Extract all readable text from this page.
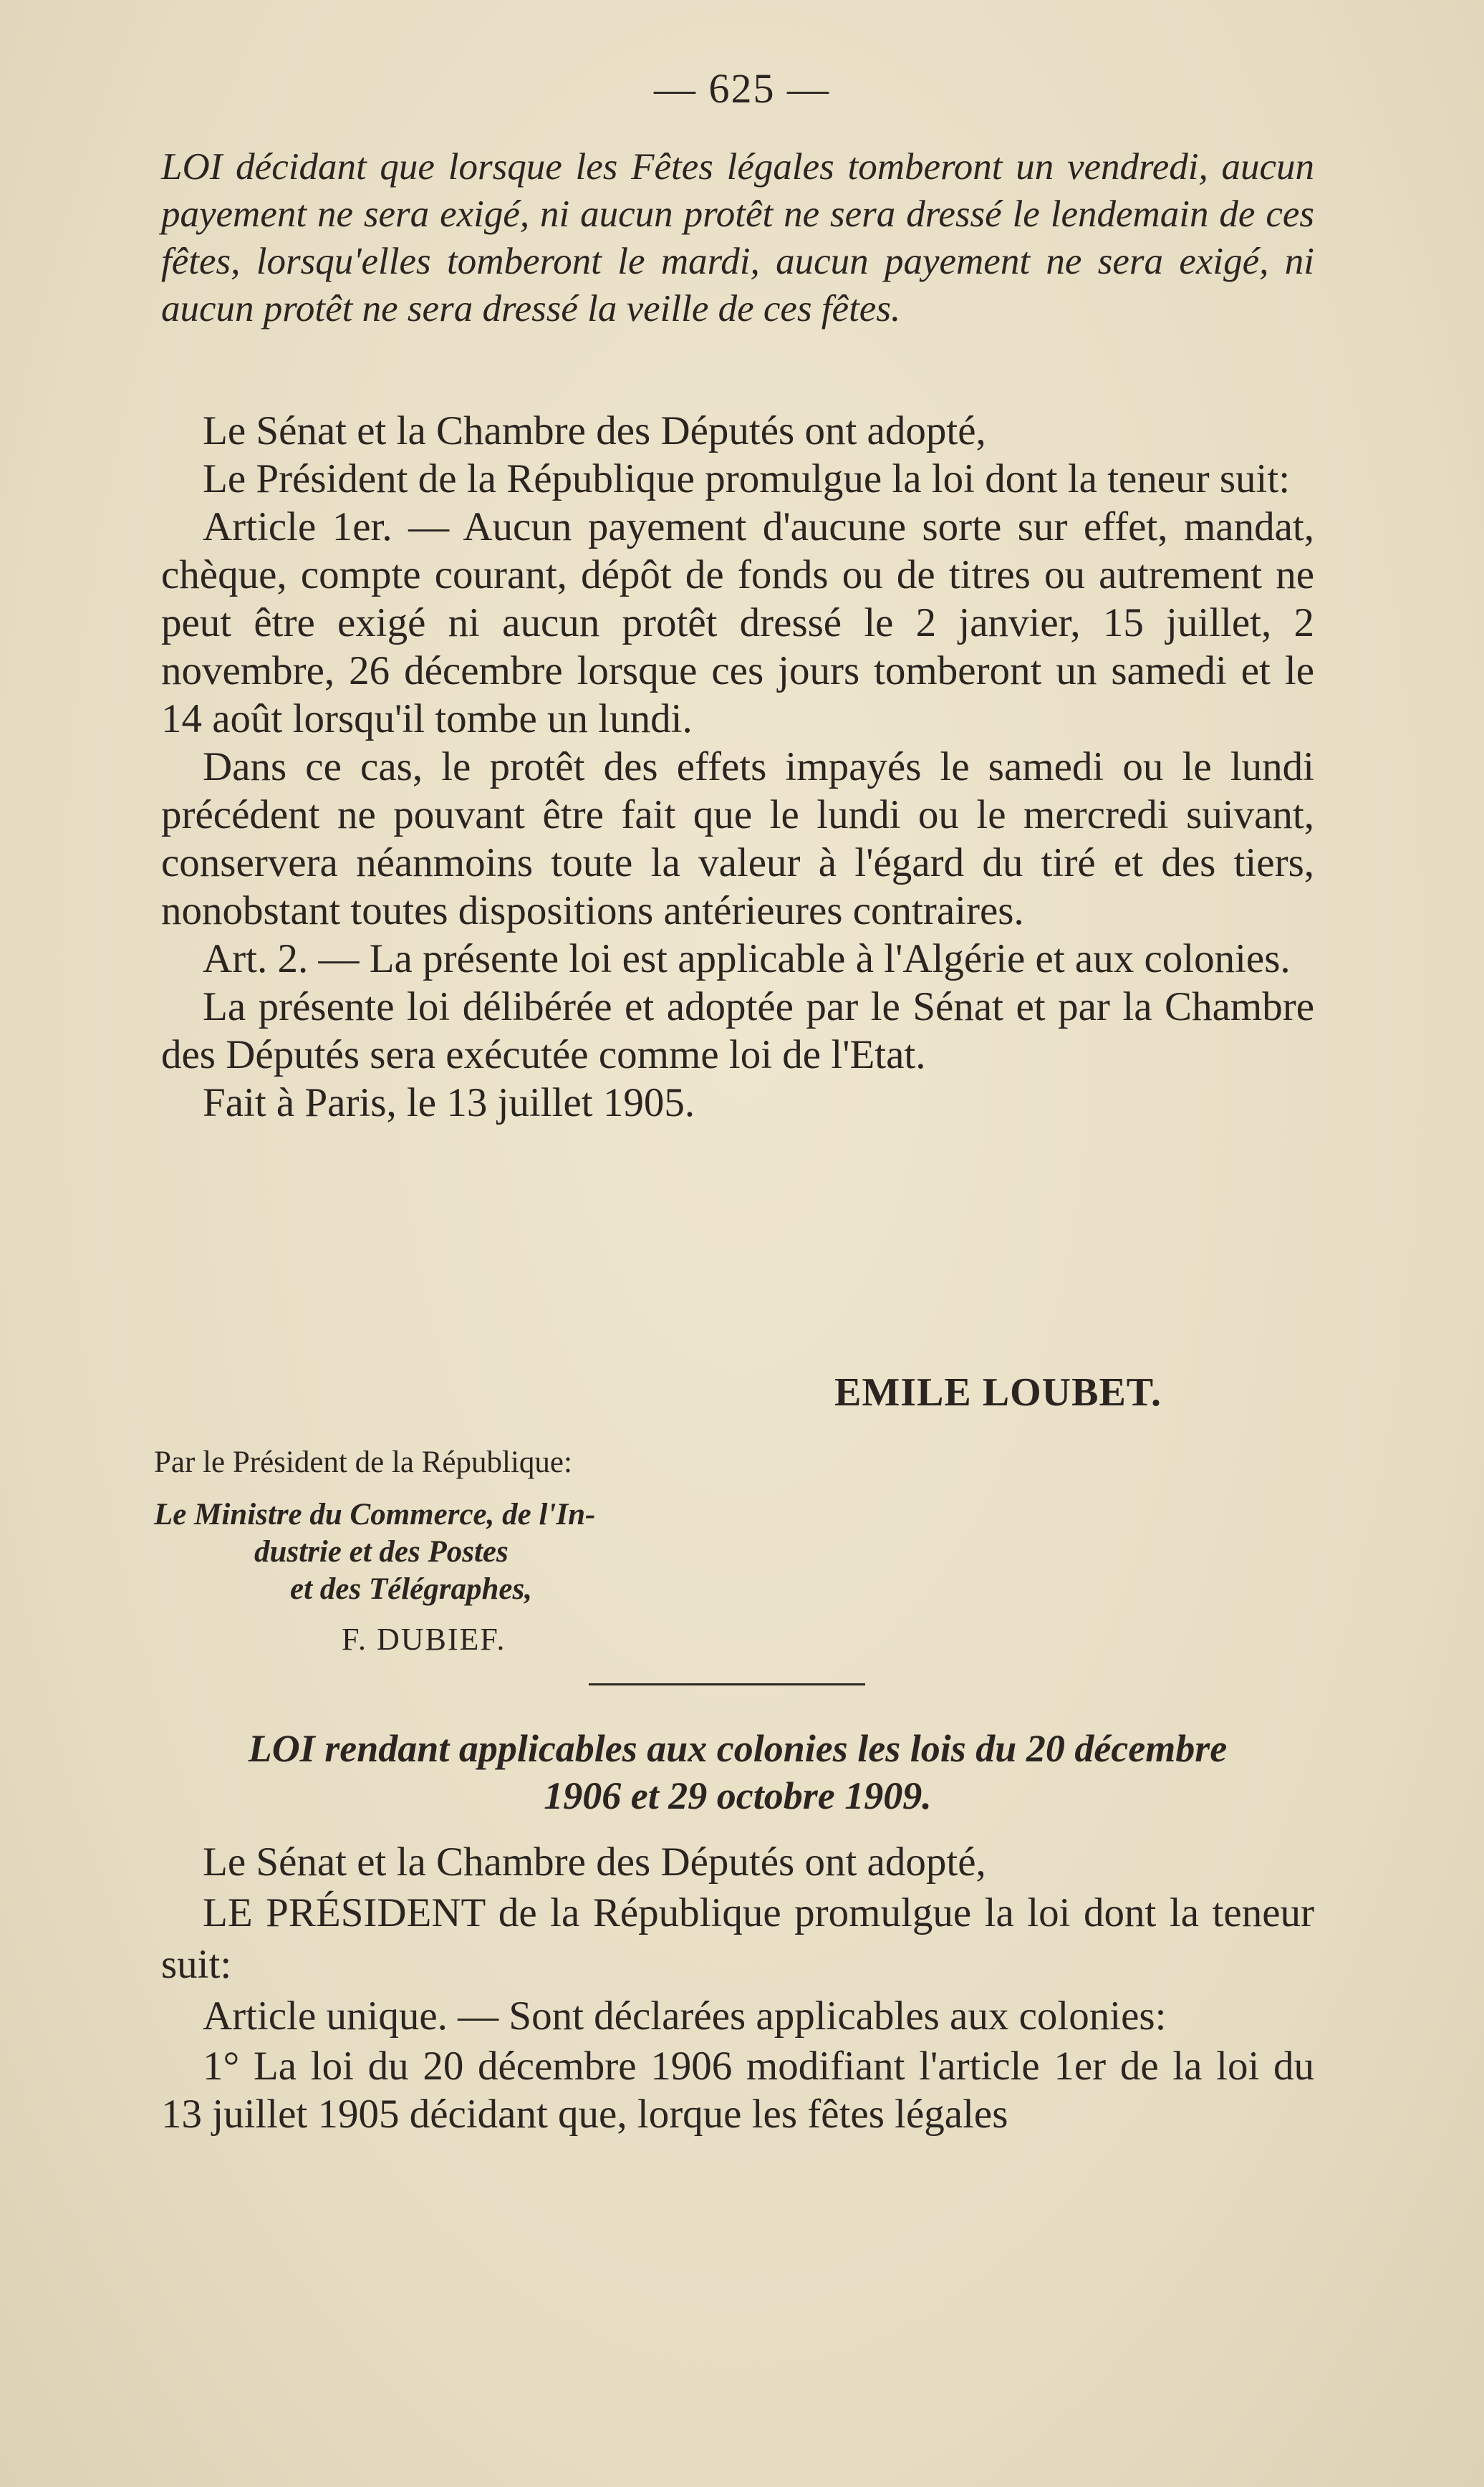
— 625 —

LOI décidant que lorsque les Fêtes légales tomberont un vendredi, aucun payement ne sera exigé, ni aucun protêt ne sera dressé le lendemain de ces fêtes, lorsqu'elles tomberont le mardi, aucun payement ne sera exigé, ni aucun protêt ne sera dressé la veille de ces fêtes.

Le Sénat et la Chambre des Députés ont adopté,

Le Président de la République promulgue la loi dont la teneur suit:

Article 1er. — Aucun payement d'aucune sorte sur effet, mandat, chèque, compte courant, dépôt de fonds ou de titres ou autrement ne peut être exigé ni aucun protêt dressé le 2 janvier, 15 juillet, 2 novembre, 26 décembre lorsque ces jours tomberont un samedi et le 14 août lorsqu'il tombe un lundi.

Dans ce cas, le protêt des effets impayés le samedi ou le lundi précédent ne pouvant être fait que le lundi ou le mercredi suivant, conservera néanmoins toute la valeur à l'égard du tiré et des tiers, nonobstant toutes dispositions antérieures contraires.

Art. 2. — La présente loi est applicable à l'Algérie et aux colonies.

La présente loi délibérée et adoptée par le Sénat et par la Chambre des Députés sera exécutée comme loi de l'Etat.

Fait à Paris, le 13 juillet 1905.

EMILE LOUBET.
Par le Président de la République:
Le Ministre du Commerce, de l'In-
dustrie et des Postes
et des Télégraphes,
F. DUBIEF.
LOI rendant applicables aux colonies les lois du 20 décembre
1906 et 29 octobre 1909.

Le Sénat et la Chambre des Députés ont adopté,

LE PRÉSIDENT de la République promulgue la loi dont la teneur suit:

Article unique. — Sont déclarées applicables aux colonies:

1° La loi du 20 décembre 1906 modifiant l'article 1er de la loi du 13 juillet 1905 décidant que, lorque les fêtes légales
